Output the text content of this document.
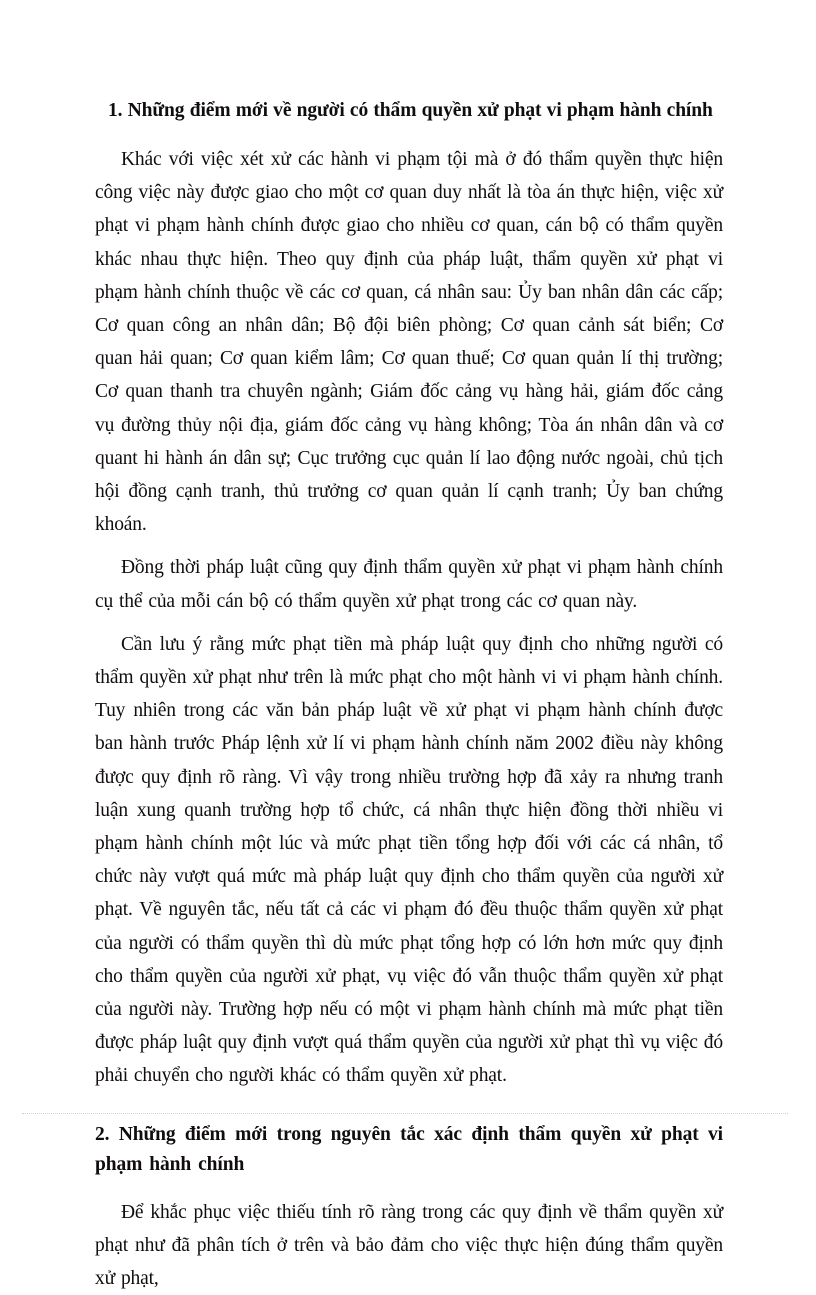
1. Những điểm mới về người có thẩm quyền xử phạt vi phạm hành chính

Khác với việc xét xử các hành vi phạm tội mà ở đó thẩm quyền thực hiện công việc này được giao cho một cơ quan duy nhất là tòa án thực hiện, việc xử phạt vi phạm hành chính được giao cho nhiều cơ quan, cán bộ có thẩm quyền khác nhau thực hiện. Theo quy định của pháp luật, thẩm quyền xử phạt vi phạm hành chính thuộc về các cơ quan, cá nhân sau: Ủy ban nhân dân các cấp; Cơ quan công an nhân dân; Bộ đội biên phòng; Cơ quan cảnh sát biển; Cơ quan hải quan; Cơ quan kiểm lâm; Cơ quan thuế; Cơ quan quản lí thị trường; Cơ quan thanh tra chuyên ngành; Giám đốc cảng vụ hàng hải, giám đốc cảng vụ đường thủy nội địa, giám đốc cảng vụ hàng không; Tòa án nhân dân và cơ quant hi hành án dân sự; Cục trưởng cục quản lí lao động nước ngoài, chủ tịch hội đồng cạnh tranh, thủ trưởng cơ quan quản lí cạnh tranh; Ủy ban chứng khoán.

Đồng thời pháp luật cũng quy định thẩm quyền xử phạt vi phạm hành chính cụ thể của mỗi cán bộ có thẩm quyền xử phạt trong các cơ quan này.

Cần lưu ý rằng mức phạt tiền mà pháp luật quy định cho những người có thẩm quyền xử phạt như trên là mức phạt cho một hành vi vi phạm hành chính. Tuy nhiên trong các văn bản pháp luật về xử phạt vi phạm hành chính được ban hành trước Pháp lệnh xử lí vi phạm hành chính năm 2002 điều này không được quy định rõ ràng. Vì vậy trong nhiều trường hợp đã xảy ra nhưng tranh luận xung quanh trường hợp tổ chức, cá nhân thực hiện đồng thời nhiều vi phạm hành chính một lúc và mức phạt tiền tổng hợp đối với các cá nhân, tổ chức này vượt quá mức mà pháp luật quy định cho thẩm quyền của người xử phạt. Về nguyên tắc, nếu tất cả các vi phạm đó đều thuộc thẩm quyền xử phạt của người có thẩm quyền thì dù mức phạt tổng hợp có lớn hơn mức quy định cho thẩm quyền của người xử phạt, vụ việc đó vẫn thuộc thẩm quyền xử phạt của người này. Trường hợp nếu có một vi phạm hành chính mà mức phạt tiền được pháp luật quy định vượt quá thẩm quyền của người xử phạt thì vụ việc đó phải chuyển cho người khác có thẩm quyền xử phạt.

2. Những điểm mới trong nguyên tắc xác định thẩm quyền xử phạt vi phạm hành chính

Để khắc phục việc thiếu tính rõ ràng trong các quy định về thẩm quyền xử phạt như đã phân tích ở trên và bảo đảm cho việc thực hiện đúng thẩm quyền xử phạt,
